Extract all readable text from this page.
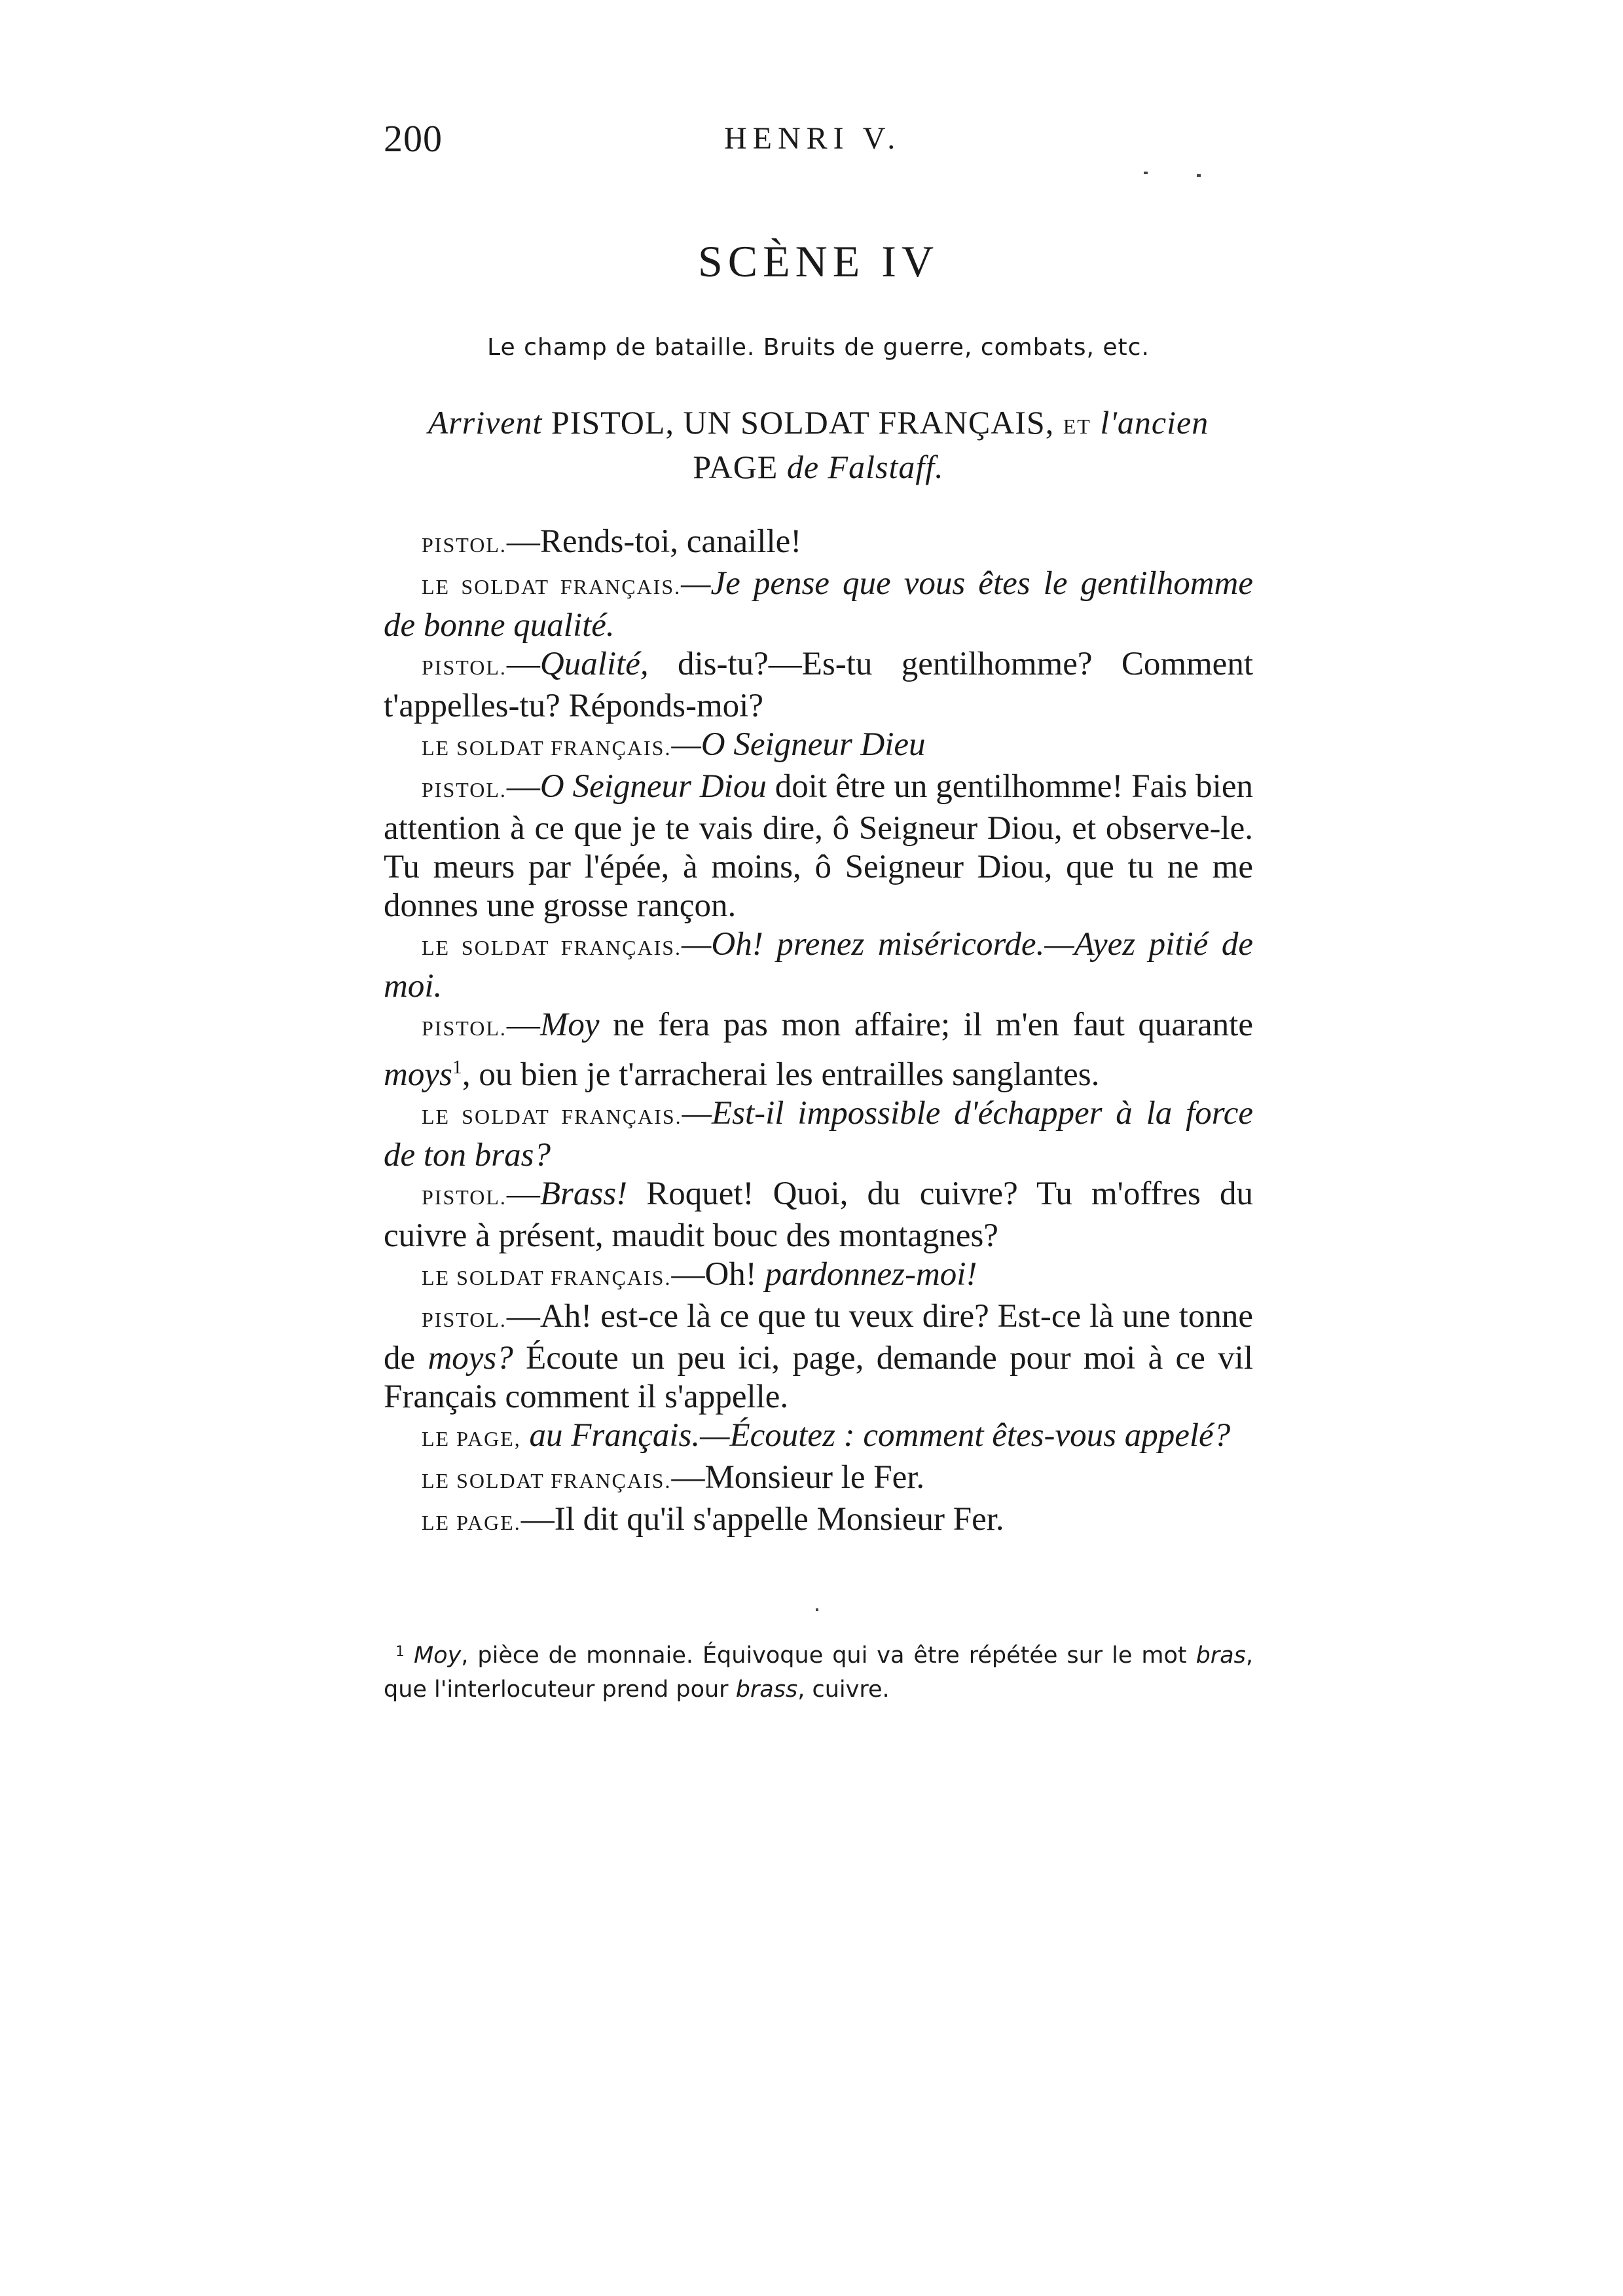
200	HENRI V.
SCÈNE IV
Le champ de bataille. Bruits de guerre, combats, etc.
Arrivent PISTOL, UN SOLDAT FRANÇAIS, ET l'ancien
PAGE de Falstaff.

PISTOL.—Rends-toi, canaille!

LE SOLDAT FRANÇAIS.—Je pense que vous êtes le gentilhomme de bonne qualité.

PISTOL.—Qualité, dis-tu?—Es-tu gentilhomme? Comment t'appelles-tu? Réponds-moi?

LE SOLDAT FRANÇAIS.—O Seigneur Dieu

PISTOL.—O Seigneur Diou doit être un gentilhomme! Fais bien attention à ce que je te vais dire, ô Seigneur Diou, et observe-le. Tu meurs par l'épée, à moins, ô Seigneur Diou, que tu ne me donnes une grosse rançon.

LE SOLDAT FRANÇAIS.—Oh! prenez miséricorde.—Ayez pitié de moi.

PISTOL.—Moy ne fera pas mon affaire; il m'en faut quarante moys$^1$, ou bien je t'arracherai les entrailles sanglantes.

LE SOLDAT FRANÇAIS.—Est-il impossible d'échapper à la force de ton bras?

PISTOL.—Brass! Roquet! Quoi, du cuivre? Tu m'offres du cuivre à présent, maudit bouc des montagnes?

LE SOLDAT FRANÇAIS.—Oh! pardonnez-moi!

PISTOL.—Ah! est-ce là ce que tu veux dire? Est-ce là une tonne de moys? Écoute un peu ici, page, demande pour moi à ce vil Français comment il s'appelle.

LE PAGE, au Français.—Écoutez : comment êtes-vous appelé?

LE SOLDAT FRANÇAIS.—Monsieur le Fer.

LE PAGE.—Il dit qu'il s'appelle Monsieur Fer.

$^1$ Moy, pièce de monnaie. Équivoque qui va être répétée sur le mot bras, que l'interlocuteur prend pour brass, cuivre.
